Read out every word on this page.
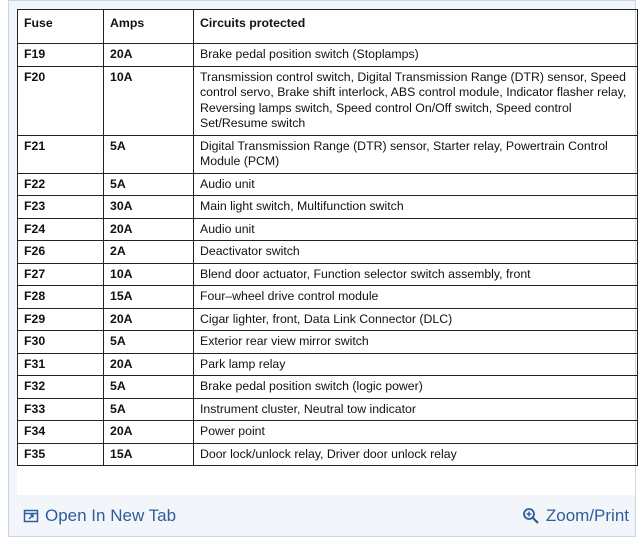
Fuse	Amps	Circuits protected
F19	20A	Brake pedal position switch (Stoplamps)
F20	10A	Transmission control switch, Digital Transmission Range (DTR) sensor, Speed control servo, Brake shift interlock, ABS control module, Indicator flasher relay, Reversing lamps switch, Speed control On/Off switch, Speed control Set/Resume switch
F21	5A	Digital Transmission Range (DTR) sensor, Starter relay, Powertrain Control Module (PCM)
F22	5A	Audio unit
F23	30A	Main light switch, Multifunction switch
F24	20A	Audio unit
F26	2A	Deactivator switch
F27	10A	Blend door actuator, Function selector switch assembly, front
F28	15A	Four–wheel drive control module
F29	20A	Cigar lighter, front, Data Link Connector (DLC)
F30	5A	Exterior rear view mirror switch
F31	20A	Park lamp relay
F32	5A	Brake pedal position switch (logic power)
F33	5A	Instrument cluster, Neutral tow indicator
F34	20A	Power point
F35	15A	Door lock/unlock relay, Driver door unlock relay
Open In New Tab	Zoom/Print
